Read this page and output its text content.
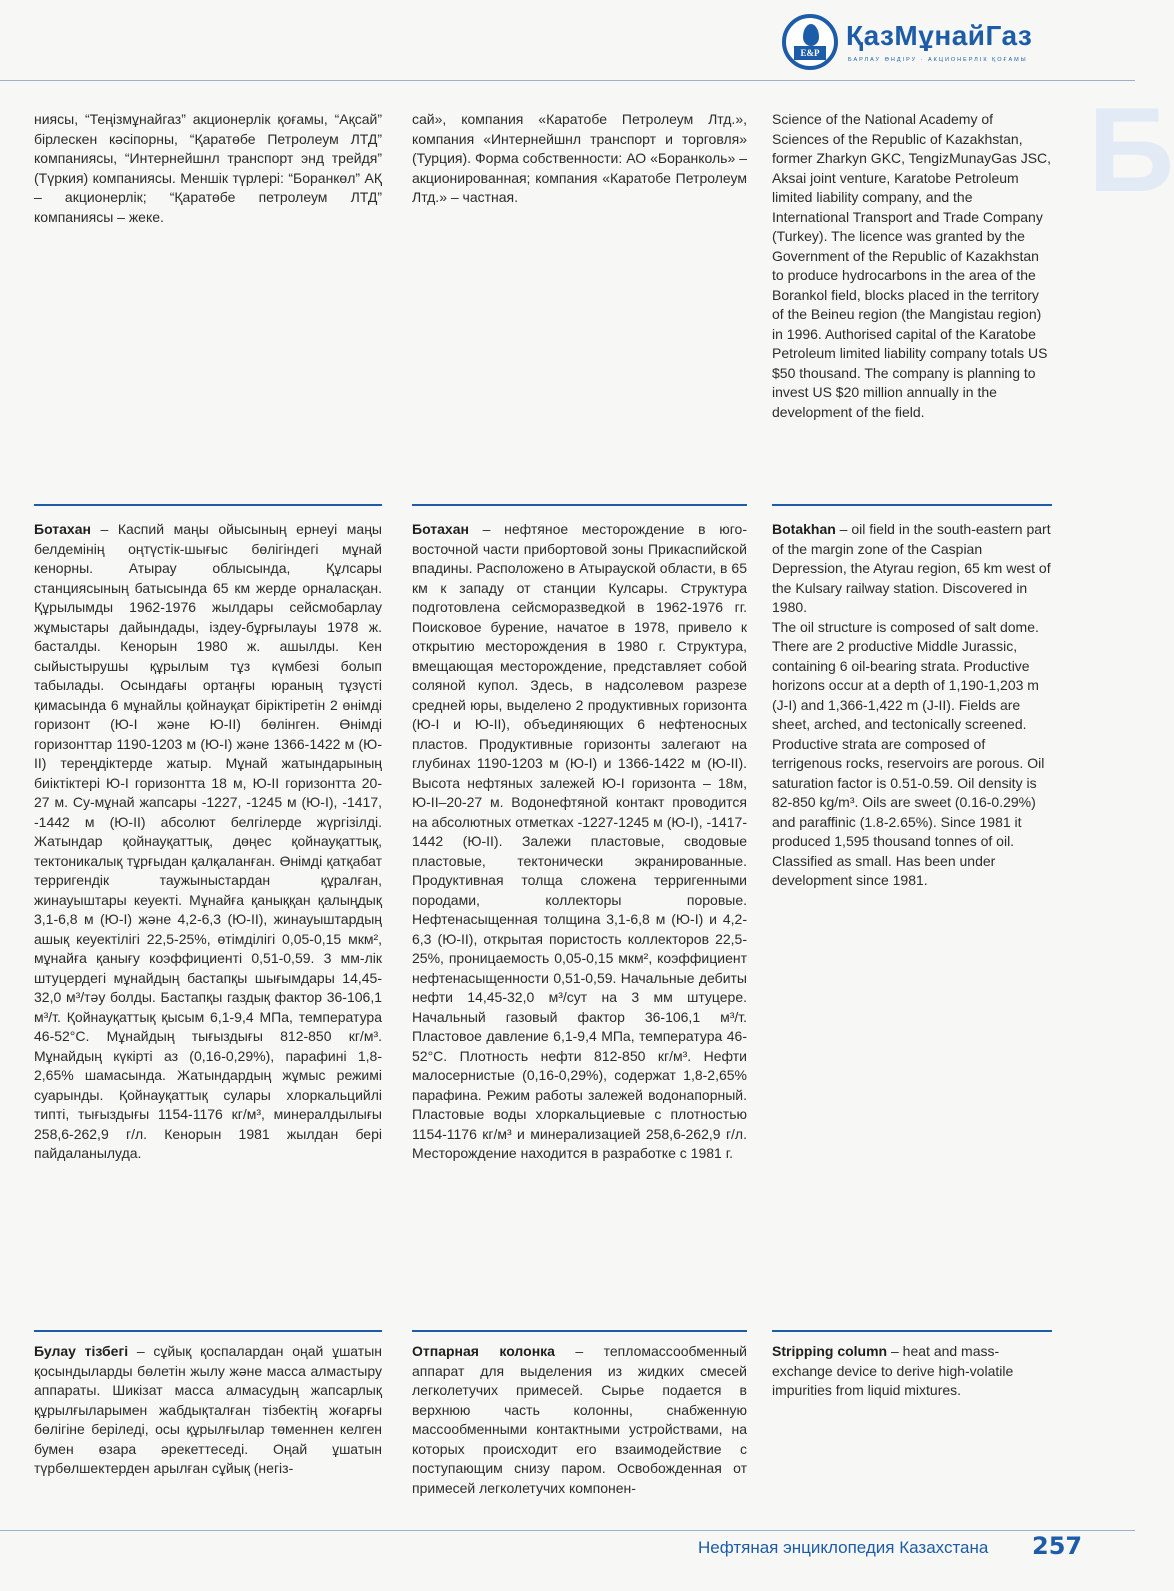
E&P
ҚазМұнайГаз
БАРЛАУ ӨНДІРУ · АКЦИОНЕРЛІК ҚОҒАМЫ
Б
ниясы, “Теңізмұнайгаз” акционерлік қоғамы, “Ақсай” бірлескен кәсіпорны, “Қаратөбе Петролеум ЛТД” компаниясы, “Интернейшнл транспорт энд трейдя” (Түркия) компаниясы. Меншік түрлері: “Боранкөл” АҚ – акционерлік; “Қаратөбе петролеум ЛТД” компаниясы – жеке.
сай», компания «Каратобе Петролеум Лтд.», компания «Интернейшнл транспорт и торговля» (Турция). Форма собственности: АО «Боранколь» – акционированная; компания «Каратобе Петролеум Лтд.» – частная.
Science of the National Academy of Sciences of the Republic of Kazakhstan, former Zharkyn GKC, TengizMunayGas JSC, Aksai joint venture, Karatobe Petroleum limited liability company, and the International Transport and Trade Company (Turkey). The licence was granted by the Government of the Republic of Kazakhstan to produce hydrocarbons in the area of the Borankol field, blocks placed in the territory of the Beineu region (the Mangistau region) in 1996. Authorised capital of the Karatobe Petroleum limited liability company totals US $50 thousand. The company is planning to invest US $20 million annually in the development of the field.
Ботахан – Каспий маңы ойысының ернеуі маңы белдемінің оңтүстік-шығыс бөлігіндегі мұнай кенорны. Атырау облысында, Құлсары станциясының батысында 65 км жерде орналасқан. Құрылымды 1962-1976 жылдары сейсмобарлау жұмыстары дайындады, іздеу-бұрғылауы 1978 ж. басталды. Кенорын 1980 ж. ашылды. Кен сыйыстырушы құрылым тұз күмбезі болып табылады. Осындағы ортаңғы юраның тұзүсті қимасында 6 мұнайлы қойнауқат біріктіретін 2 өнімді горизонт (Ю-І және Ю-ІІ) бөлінген. Өнімді горизонттар 1190-1203 м (Ю-І) және 1366-1422 м (Ю-ІІ) тереңдіктерде жатыр. Мұнай жатындарының биіктіктері Ю-І горизонтта 18 м, Ю-ІІ горизонтта 20-27 м. Су-мұнай жапсары -1227, -1245 м (Ю-І), -1417, -1442 м (Ю-ІІ) абсолют белгілерде жүргізілді. Жатындар қойнауқаттық, дөңес қойнауқаттық, тектоникалық тұрғыдан қалқаланған. Өнімді қатқабат терригендік таужыныстардан құралған, жинауыштары кеуекті. Мұнайға қаныққан қалыңдық 3,1-6,8 м (Ю-І) және 4,2-6,3 (Ю-ІІ), жинауыштардың ашық кеуектілігі 22,5-25%, өтімділігі 0,05-0,15 мкм², мұнайға қанығу коэффициенті 0,51-0,59. 3 мм-лік штуцердегі мұнайдың бастапқы шығымдары 14,45-32,0 м³/тәу болды. Бастапқы газдық фактор 36-106,1 м³/т. Қойнауқаттық қысым 6,1-9,4 МПа, температура 46-52°С. Мұнайдың тығыздығы 812-850 кг/м³. Мұнайдың күкірті аз (0,16-0,29%), парафині 1,8-2,65% шамасында. Жатындардың жұмыс режимі суарынды. Қойнауқаттық сулары хлоркальцийлі типті, тығыздығы 1154-1176 кг/м³, минералдылығы 258,6-262,9 г/л. Кенорын 1981 жылдан бері пайдаланылуда.
Ботахан – нефтяное месторождение в юго-восточной части прибортовой зоны Прикаспийской впадины. Расположено в Атырауской области, в 65 км к западу от станции Кулсары. Структура подготовлена сейсморазведкой в 1962-1976 гг. Поисковое бурение, начатое в 1978, привело к открытию месторождения в 1980 г. Структура, вмещающая месторождение, представляет собой соляной купол. Здесь, в надсолевом разрезе средней юры, выделено 2 продуктивных горизонта (Ю-І и Ю-ІІ), объединяющих 6 нефтеносных пластов. Продуктивные горизонты залегают на глубинах 1190-1203 м (Ю-І) и 1366-1422 м (Ю-ІІ). Высота нефтяных залежей Ю-І горизонта – 18м, Ю-ІІ–20-27 м. Водонефтяной контакт проводится на абсолютных отметках -1227-1245 м (Ю-І), -1417-1442 (Ю-ІІ). Залежи пластовые, сводовые пластовые, тектонически экранированные. Продуктивная толща сложена терригенными породами, коллекторы поровые. Нефтенасыщенная толщина 3,1-6,8 м (Ю-І) и 4,2-6,3 (Ю-ІІ), открытая пористость коллекторов 22,5-25%, проницаемость 0,05-0,15 мкм², коэффициент нефтенасыщенности 0,51-0,59. Начальные дебиты нефти 14,45-32,0 м³/сут на 3 мм штуцере. Начальный газовый фактор 36-106,1 м³/т. Пластовое давление 6,1-9,4 МПа, температура 46-52°С. Плотность нефти 812-850 кг/м³. Нефти малосернистые (0,16-0,29%), содержат 1,8-2,65% парафина. Режим работы залежей водонапорный. Пластовые воды хлоркальциевые с плотностью 1154-1176 кг/м³ и минерализацией 258,6-262,9 г/л. Месторождение находится в разработке с 1981 г.
Botakhan – oil field in the south-eastern part of the margin zone of the Caspian Depression, the Atyrau region, 65 km west of the Kulsary railway station. Discovered in 1980.
The oil structure is composed of salt dome. There are 2 productive Middle Jurassic, containing 6 oil-bearing strata. Productive horizons occur at a depth of 1,190-1,203 m (J-I) and 1,366-1,422 m (J-II). Fields are sheet, arched, and tectonically screened. Productive strata are composed of terrigenous rocks, reservoirs are porous. Oil saturation factor is 0.51-0.59. Oil density is 82-850 kg/m³. Oils are sweet (0.16-0.29%) and paraffinic (1.8-2.65%). Since 1981 it produced 1,595 thousand tonnes of oil. Classified as small. Has been under development since 1981.
Булау тізбегі – сұйық қоспалардан оңай ұшатын қосындыларды бөлетін жылу және масса алмастыру аппараты. Шикізат масса алмасудың жапсарлық құрылғыларымен жабдықталған тізбектің жоғарғы бөлігіне беріледі, осы құрылғылар төменнен келген бумен өзара әрекеттеседі. Оңай ұшатын түрбөлшектерден арылған сұйық (негіз-
Отпарная колонка – тепломассообменный аппарат для выделения из жидких смесей легколетучих примесей. Сырье подается в верхнюю часть колонны, снабженную массообменными контактными устройствами, на которых происходит его взаимодействие с поступающим снизу паром. Освобожденная от примесей легколетучих компонен-
Stripping column – heat and mass-exchange device to derive high-volatile impurities from liquid mixtures.
Нефтяная энциклопедия Казахстана 257
